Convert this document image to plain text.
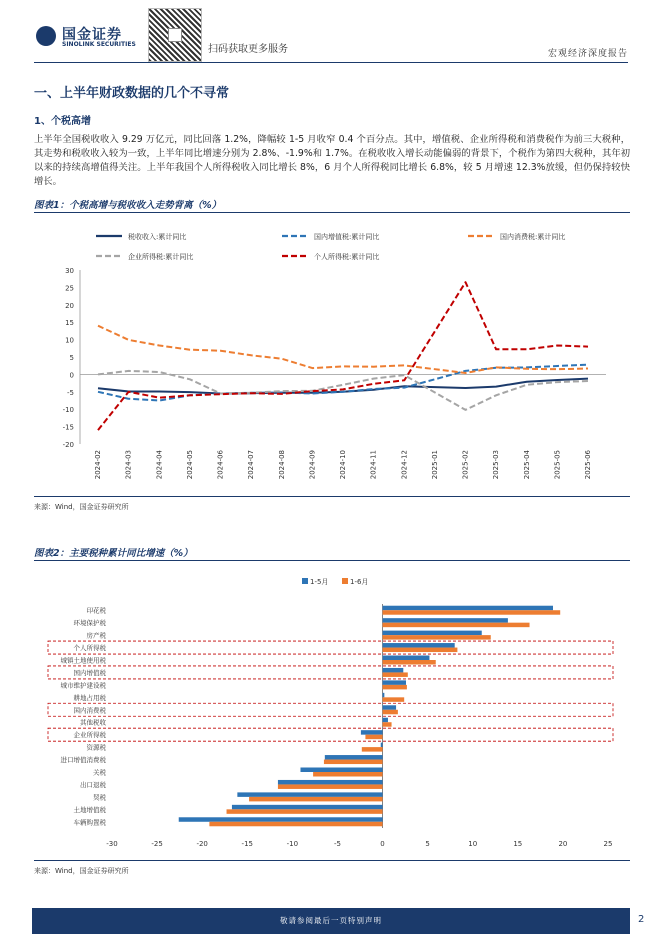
国金证券
SINOLINK SECURITIES	扫码获取更多服务	宏观经济深度报告
一、上半年财政数据的几个不寻常
1、个税高增
上半年全国税收收入 9.29 万亿元，同比回落 1.2%，降幅较 1-5 月收窄 0.4 个百分点。其中，增值税、企业所得税和消费税作为前三大税种，其走势和税收收入较为一致，上半年同比增速分别为 2.8%、-1.9%和 1.7%。在税收收入增长动能偏弱的背景下，个税作为第四大税种，其年初以来的持续高增值得关注。上半年我国个人所得税收入同比增长 8%，6 月个人所得税同比增长 6.8%，较 5 月增速 12.3%放缓，但仍保持较快增长。
图表1：个税高增与税收收入走势背离（%）
税收收入:累计同比	国内增值税:累计同比	国内消费税:累计同比
企业所得税:累计同比	个人所得税:累计同比
-20
-15
-10
-5
0
5
10
15
20
25
30
2024-02	2024-03	2024-04	2024-05	2024-06	2024-07	2024-08	2024-09	2024-10	2024-11	2024-12	2025-01	2025-02	2025-03	2025-04	2025-05	2025-06
来源：Wind，国金证券研究所
图表2：主要税种累计同比增速（%）
1-5月	1-6月
-30	-25	-20	-15	-10	-5	0	5	10	15	20	25
印花税
环境保护税
房产税
个人所得税
城镇土地使用税
国内增值税
城市维护建设税
耕地占用税
国内消费税
其他税收
企业所得税
资源税
进口增值消费税
关税
出口退税
契税
土地增值税
车辆购置税
来源：Wind，国金证券研究所
敬请参阅最后一页特别声明	2
